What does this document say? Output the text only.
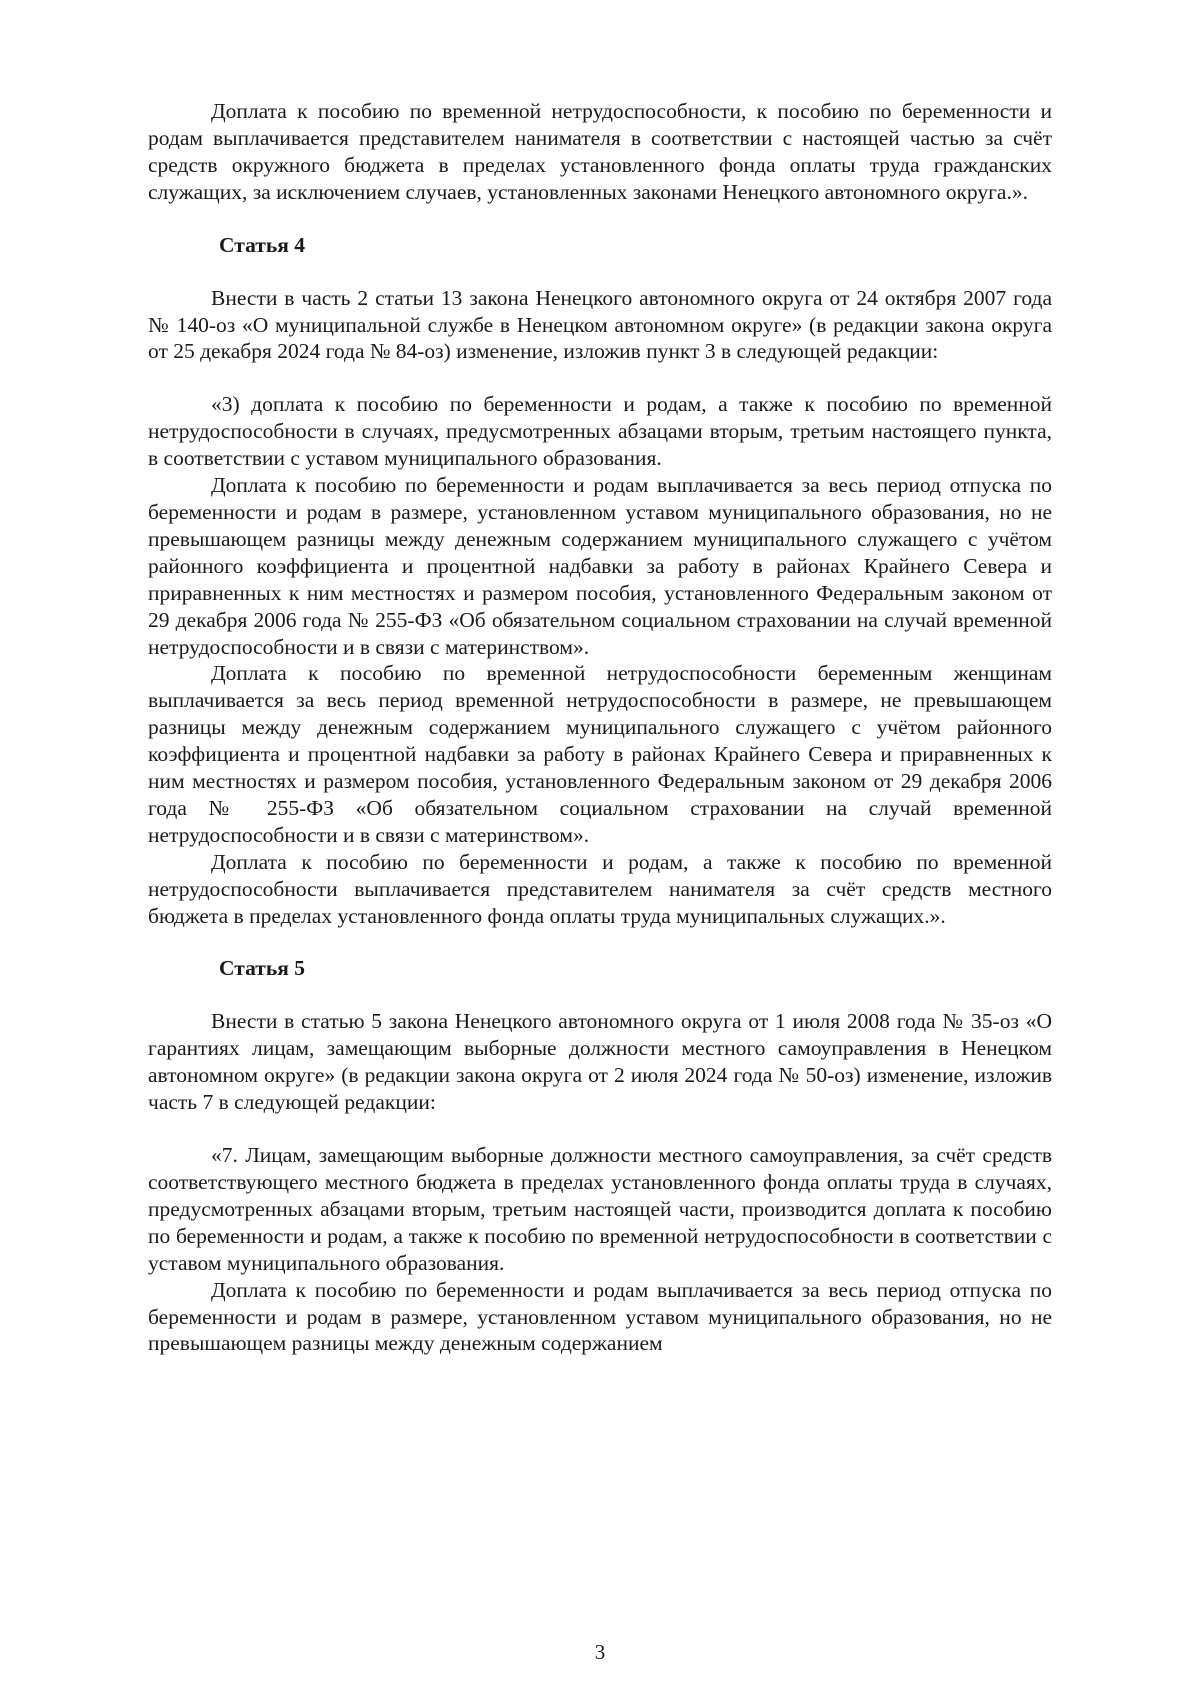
Доплата к пособию по временной нетрудоспособности, к пособию по беременности и родам выплачивается представителем нанимателя в соответствии с настоящей частью за счёт средств окружного бюджета в пределах установленного фонда оплаты труда гражданских служащих, за исключением случаев, установленных законами Ненецкого автономного округа.».

Статья 4

Внести в часть 2 статьи 13 закона Ненецкого автономного округа от 24 октября 2007 года № 140-оз «О муниципальной службе в Ненецком автономном округе» (в редакции закона округа от 25 декабря 2024 года № 84-оз) изменение, изложив пункт 3 в следующей редакции:

«3) доплата к пособию по беременности и родам, а также к пособию по временной нетрудоспособности в случаях, предусмотренных абзацами вторым, третьим настоящего пункта, в соответствии с уставом муниципального образования.

Доплата к пособию по беременности и родам выплачивается за весь период отпуска по беременности и родам в размере, установленном уставом муниципального образования, но не превышающем разницы между денежным содержанием муниципального служащего с учётом районного коэффициента и процентной надбавки за работу в районах Крайнего Севера и приравненных к ним местностях и размером пособия, установленного Федеральным законом от 29 декабря 2006 года № 255-ФЗ «Об обязательном социальном страховании на случай временной нетрудоспособности и в связи с материнством».

Доплата к пособию по временной нетрудоспособности беременным женщинам выплачивается за весь период временной нетрудоспособности в размере, не превышающем разницы между денежным содержанием муниципального служащего с учётом районного коэффициента и процентной надбавки за работу в районах Крайнего Севера и приравненных к ним местностях и размером пособия, установленного Федеральным законом от 29 декабря 2006 года № 255-ФЗ «Об обязательном социальном страховании на случай временной нетрудоспособности и в связи с материнством».

Доплата к пособию по беременности и родам, а также к пособию по временной нетрудоспособности выплачивается представителем нанимателя за счёт средств местного бюджета в пределах установленного фонда оплаты труда муниципальных служащих.».

Статья 5

Внести в статью 5 закона Ненецкого автономного округа от 1 июля 2008 года № 35-оз «О гарантиях лицам, замещающим выборные должности местного самоуправления в Ненецком автономном округе» (в редакции закона округа от 2 июля 2024 года № 50-оз) изменение, изложив часть 7 в следующей редакции:

«7. Лицам, замещающим выборные должности местного самоуправления, за счёт средств соответствующего местного бюджета в пределах установленного фонда оплаты труда в случаях, предусмотренных абзацами вторым, третьим настоящей части, производится доплата к пособию по беременности и родам, а также к пособию по временной нетрудоспособности в соответствии с уставом муниципального образования.

Доплата к пособию по беременности и родам выплачивается за весь период отпуска по беременности и родам в размере, установленном уставом муниципального образования, но не превышающем разницы между денежным содержанием

3
